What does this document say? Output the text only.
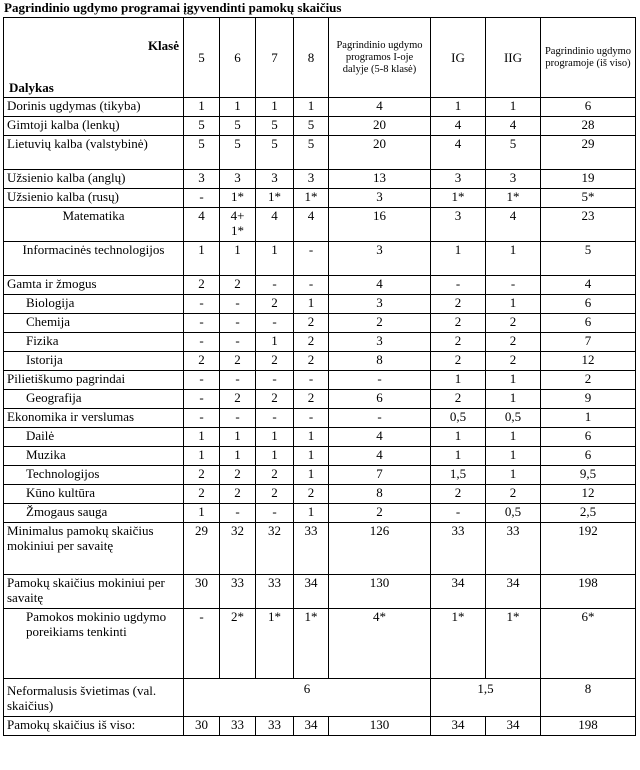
Pagrindinio ugdymo programai įgyvendinti pamokų skaičius
Klasė
Dalykas	5	6	7	8	Pagrindinio ugdymo programos I-oje dalyje (5-8 klasė)	IG	IIG	Pagrindinio ugdymo programoje (iš viso)
Dorinis ugdymas (tikyba)	1	1	1	1	4	1	1	6
Gimtoji kalba (lenkų)	5	5	5	5	20	4	4	28
Lietuvių kalba (valstybinė)	5	5	5	5	20	4	5	29
Užsienio kalba (anglų)	3	3	3	3	13	3	3	19
Užsienio kalba (rusų)	-	1*	1*	1*	3	1*	1*	5*
Matematika	4	4+ 1*	4	4	16	3	4	23
Informacinės technologijos	1	1	1	-	3	1	1	5
Gamta ir žmogus	2	2	-	-	4	-	-	4
Biologija	-	-	2	1	3	2	1	6
Chemija	-	-	-	2	2	2	2	6
Fizika	-	-	1	2	3	2	2	7
Istorija	2	2	2	2	8	2	2	12
Pilietiškumo pagrindai	-	-	-	-	-	1	1	2
Geografija	-	2	2	2	6	2	1	9
Ekonomika ir verslumas	-	-	-	-	-	0,5	0,5	1
Dailė	1	1	1	1	4	1	1	6
Muzika	1	1	1	1	4	1	1	6
Technologijos	2	2	2	1	7	1,5	1	9,5
Kūno kultūra	2	2	2	2	8	2	2	12
Žmogaus sauga	1	-	-	1	2	-	0,5	2,5
Minimalus pamokų skaičius mokiniui per savaitę	29	32	32	33	126	33	33	192
Pamokų skaičius mokiniui per savaitę	30	33	33	34	130	34	34	198
Pamokos mokinio ugdymo poreikiams tenkinti	-	2*	1*	1*	4*	1*	1*	6*
Neformalusis švietimas (val. skaičius)	6					1,5		8
Pamokų skaičius iš viso:	30	33	33	34	130	34	34	198
